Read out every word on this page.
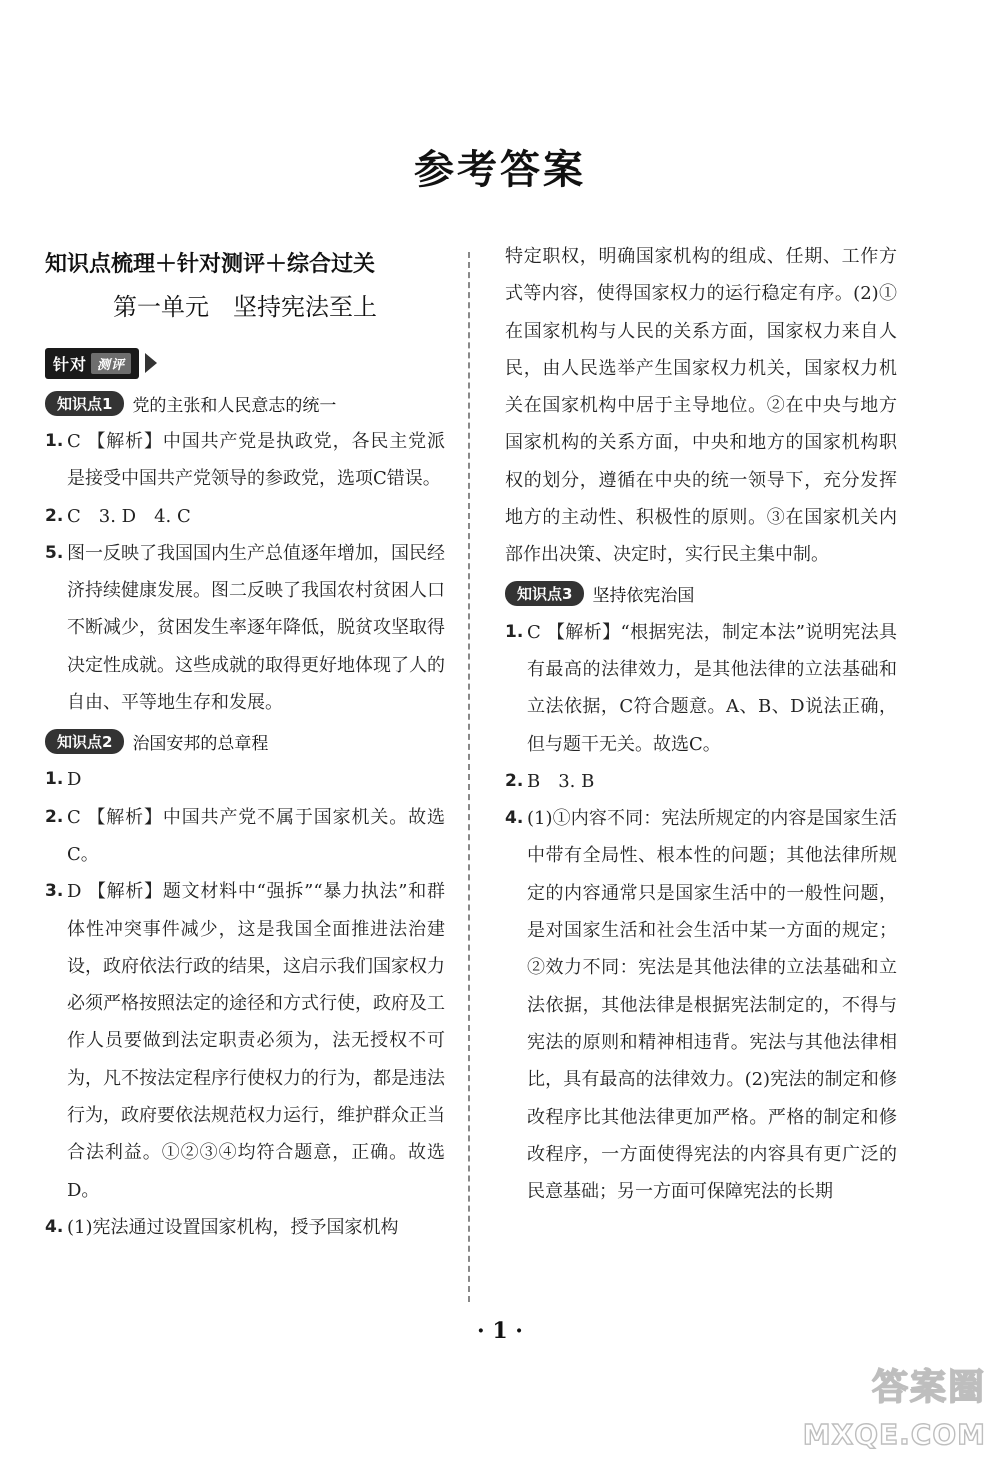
参考答案
知识点梳理＋针对测评＋综合过关
第一单元　坚持宪法至上
针对 测评
知识点1	党的主张和人民意志的统一
1. C 【解析】中国共产党是执政党，各民主党派是接受中国共产党领导的参政党，选项C错误。
2. C　3. D　4. C
5. 图一反映了我国国内生产总值逐年增加，国民经济持续健康发展。图二反映了我国农村贫困人口不断减少，贫困发生率逐年降低，脱贫攻坚取得决定性成就。这些成就的取得更好地体现了人的自由、平等地生存和发展。
知识点2	治国安邦的总章程
1. D
2. C 【解析】中国共产党不属于国家机关。故选C。
3. D 【解析】题文材料中“强拆”“暴力执法”和群体性冲突事件减少，这是我国全面推进法治建设，政府依法行政的结果，这启示我们国家权力必须严格按照法定的途径和方式行使，政府及工作人员要做到法定职责必须为，法无授权不可为，凡不按法定程序行使权力的行为，都是违法行为，政府要依法规范权力运行，维护群众正当合法利益。①②③④均符合题意，正确。故选D。
4. (1)宪法通过设置国家机构，授予国家机构
特定职权，明确国家机构的组成、任期、工作方式等内容，使得国家权力的运行稳定有序。(2)①在国家机构与人民的关系方面，国家权力来自人民，由人民选举产生国家权力机关，国家权力机关在国家机构中居于主导地位。②在中央与地方国家机构的关系方面，中央和地方的国家机构职权的划分，遵循在中央的统一领导下，充分发挥地方的主动性、积极性的原则。③在国家机关内部作出决策、决定时，实行民主集中制。
知识点3	坚持依宪治国
1. C 【解析】“根据宪法，制定本法”说明宪法具有最高的法律效力，是其他法律的立法基础和立法依据，C符合题意。A、B、D说法正确，但与题干无关。故选C。
2. B　3. B
4. (1)①内容不同：宪法所规定的内容是国家生活中带有全局性、根本性的问题；其他法律所规定的内容通常只是国家生活中的一般性问题，是对国家生活和社会生活中某一方面的规定；②效力不同：宪法是其他法律的立法基础和立法依据，其他法律是根据宪法制定的，不得与宪法的原则和精神相违背。宪法与其他法律相比，具有最高的法律效力。(2)宪法的制定和修改程序比其他法律更加严格。严格的制定和修改程序，一方面使得宪法的内容具有更广泛的民意基础；另一方面可保障宪法的长期
· 1 ·
答案圈
MXQE.COM
